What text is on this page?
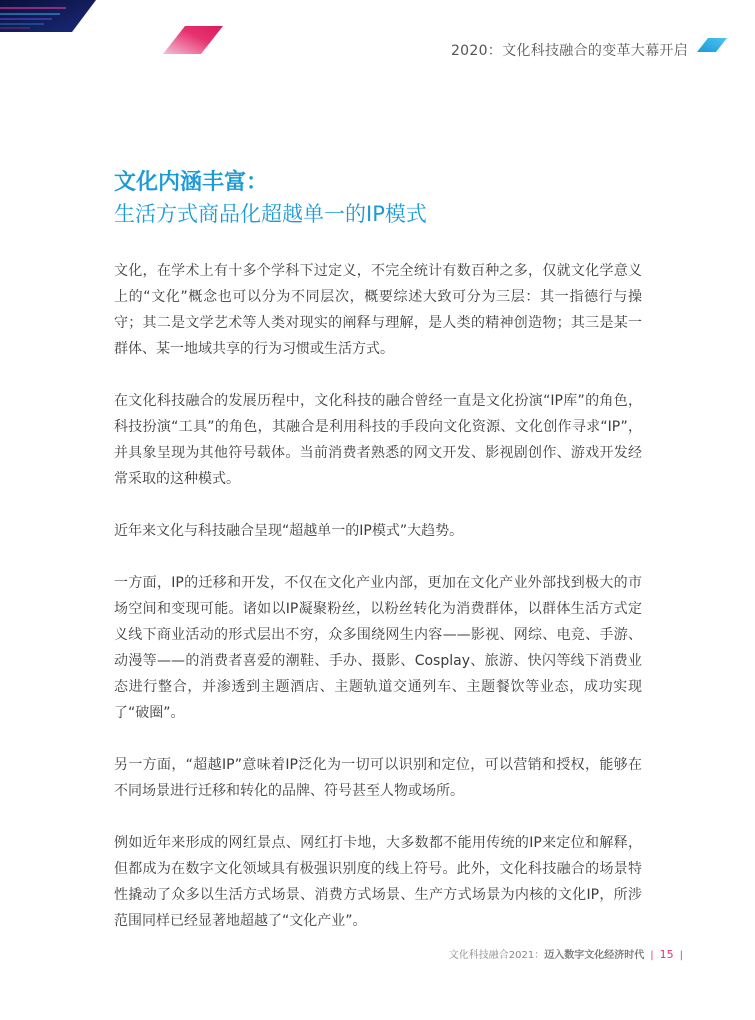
2020：文化科技融合的变革大幕开启
文化内涵丰富：
生活方式商品化超越单一的IP模式

文化，在学术上有十多个学科下过定义，不完全统计有数百种之多，仅就文化学意义上的“文化”概念也可以分为不同层次，概要综述大致可分为三层：其一指德行与操守；其二是文学艺术等人类对现实的阐释与理解，是人类的精神创造物；其三是某一群体、某一地域共享的行为习惯或生活方式。

在文化科技融合的发展历程中，文化科技的融合曾经一直是文化扮演“IP库”的角色，科技扮演“工具”的角色，其融合是利用科技的手段向文化资源、文化创作寻求“IP”，并具象呈现为其他符号载体。当前消费者熟悉的网文开发、影视剧创作、游戏开发经常采取的这种模式。

近年来文化与科技融合呈现“超越单一的IP模式”大趋势。

一方面，IP的迁移和开发，不仅在文化产业内部，更加在文化产业外部找到极大的市场空间和变现可能。诸如以IP凝聚粉丝，以粉丝转化为消费群体，以群体生活方式定义线下商业活动的形式层出不穷，众多围绕网生内容——影视、网综、电竞、手游、动漫等——的消费者喜爱的潮鞋、手办、摄影、Cosplay、旅游、快闪等线下消费业态进行整合，并渗透到主题酒店、主题轨道交通列车、主题餐饮等业态，成功实现了“破圈”。

另一方面，“超越IP”意味着IP泛化为一切可以识别和定位，可以营销和授权，能够在不同场景进行迁移和转化的品牌、符号甚至人物或场所。

例如近年来形成的网红景点、网红打卡地，大多数都不能用传统的IP来定位和解释，但都成为在数字文化领域具有极强识别度的线上符号。此外，文化科技融合的场景特性撬动了众多以生活方式场景、消费方式场景、生产方式场景为内核的文化IP，所涉范围同样已经显著地超越了“文化产业”。

文化科技融合2021：迈入数字文化经济时代 | 15 |
